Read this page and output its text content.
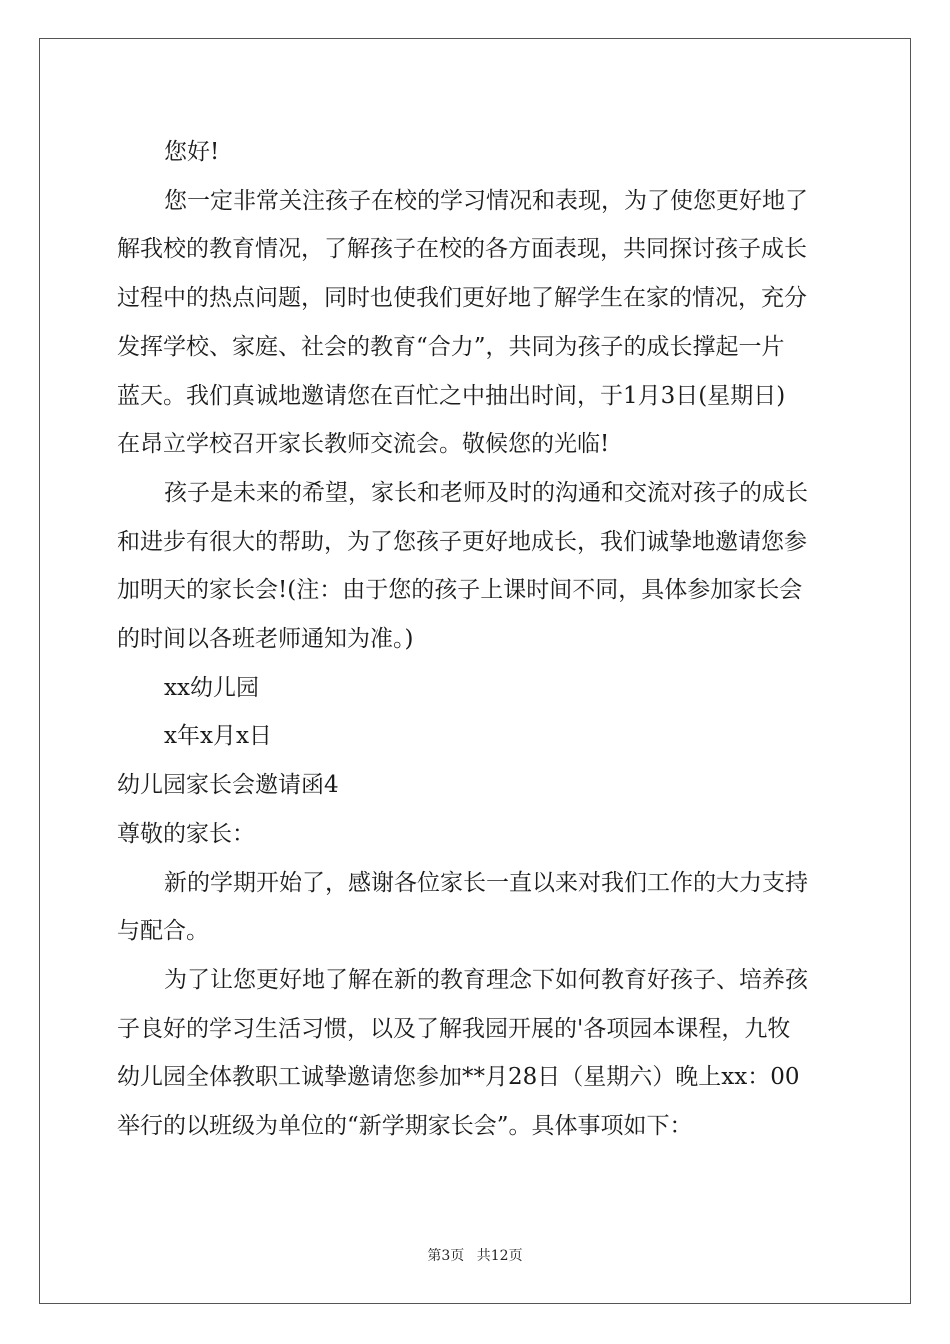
您好!

您一定非常关注孩子在校的学习情况和表现，为了使您更好地了

解我校的教育情况，了解孩子在校的各方面表现，共同探讨孩子成长

过程中的热点问题，同时也使我们更好地了解学生在家的情况，充分

发挥学校、家庭、社会的教育“合力”，共同为孩子的成长撑起一片

蓝天。我们真诚地邀请您在百忙之中抽出时间，于1月3日(星期日)

在昂立学校召开家长教师交流会。敬候您的光临!

孩子是未来的希望，家长和老师及时的沟通和交流对孩子的成长

和进步有很大的帮助，为了您孩子更好地成长，我们诚挚地邀请您参

加明天的家长会!(注：由于您的孩子上课时间不同，具体参加家长会

的时间以各班老师通知为准。)

xx幼儿园

x年x月x日

幼儿园家长会邀请函4

尊敬的家长：

新的学期开始了，感谢各位家长一直以来对我们工作的大力支持

与配合。

为了让您更好地了解在新的教育理念下如何教育好孩子、培养孩

子良好的学习生活习惯，以及了解我园开展的'各项园本课程，九牧

幼儿园全体教职工诚挚邀请您参加**月28日（星期六）晚上xx：00

举行的以班级为单位的“新学期家长会”。具体事项如下：

第3页 共12页
